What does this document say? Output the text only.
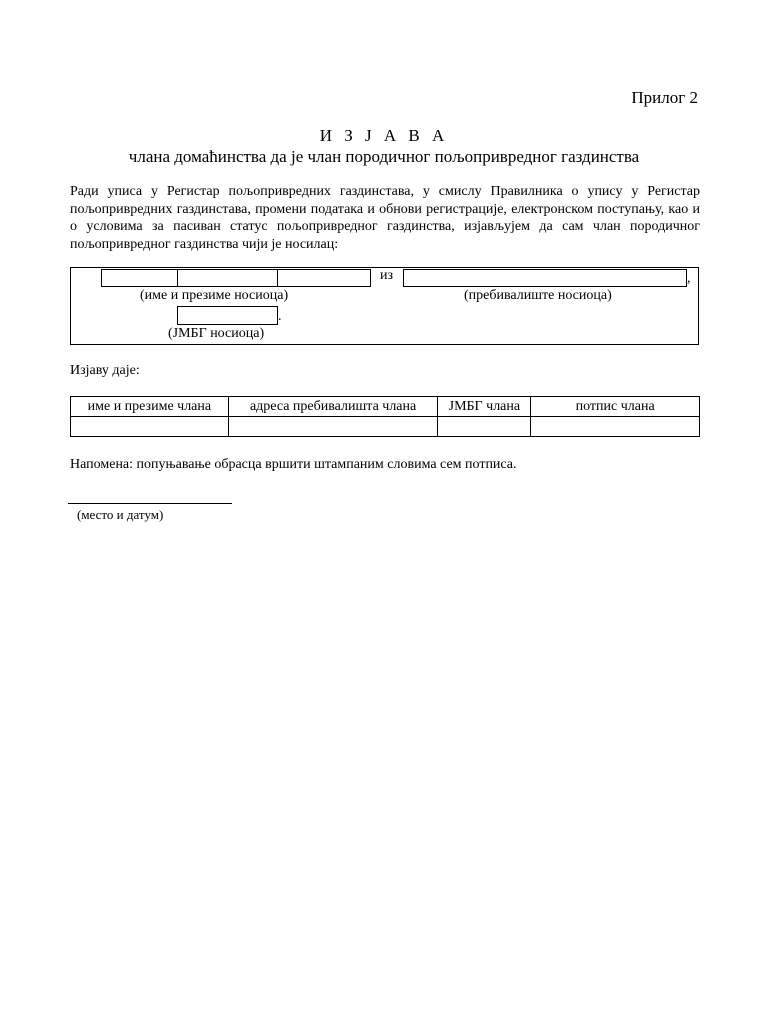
Прилог 2
И З Ј А В А
члана домаћинства да је члан породичног пољопривредног газдинства
Ради уписа у Регистар пољопривредних газдинстава, у смислу Правилника о упису у Регистар пољопривредних газдинстава, промени података и обнови регистрације, електронском поступању, као и о условима за пасиван статус пољопривредног газдинства, изјављујем да сам члан породичног пољопривредног газдинства чији је носилац:
из	,
(име и презиме носиоца)	(пребивалиште носиоца)
.
(ЈМБГ носиоца)
Изјаву даје:
име и презиме члана	адреса пребивалишта члана	ЈМБГ члана	потпис члана

Напомена: попуњавање обрасца вршити штампаним словима сем потписа.
(место и датум)
